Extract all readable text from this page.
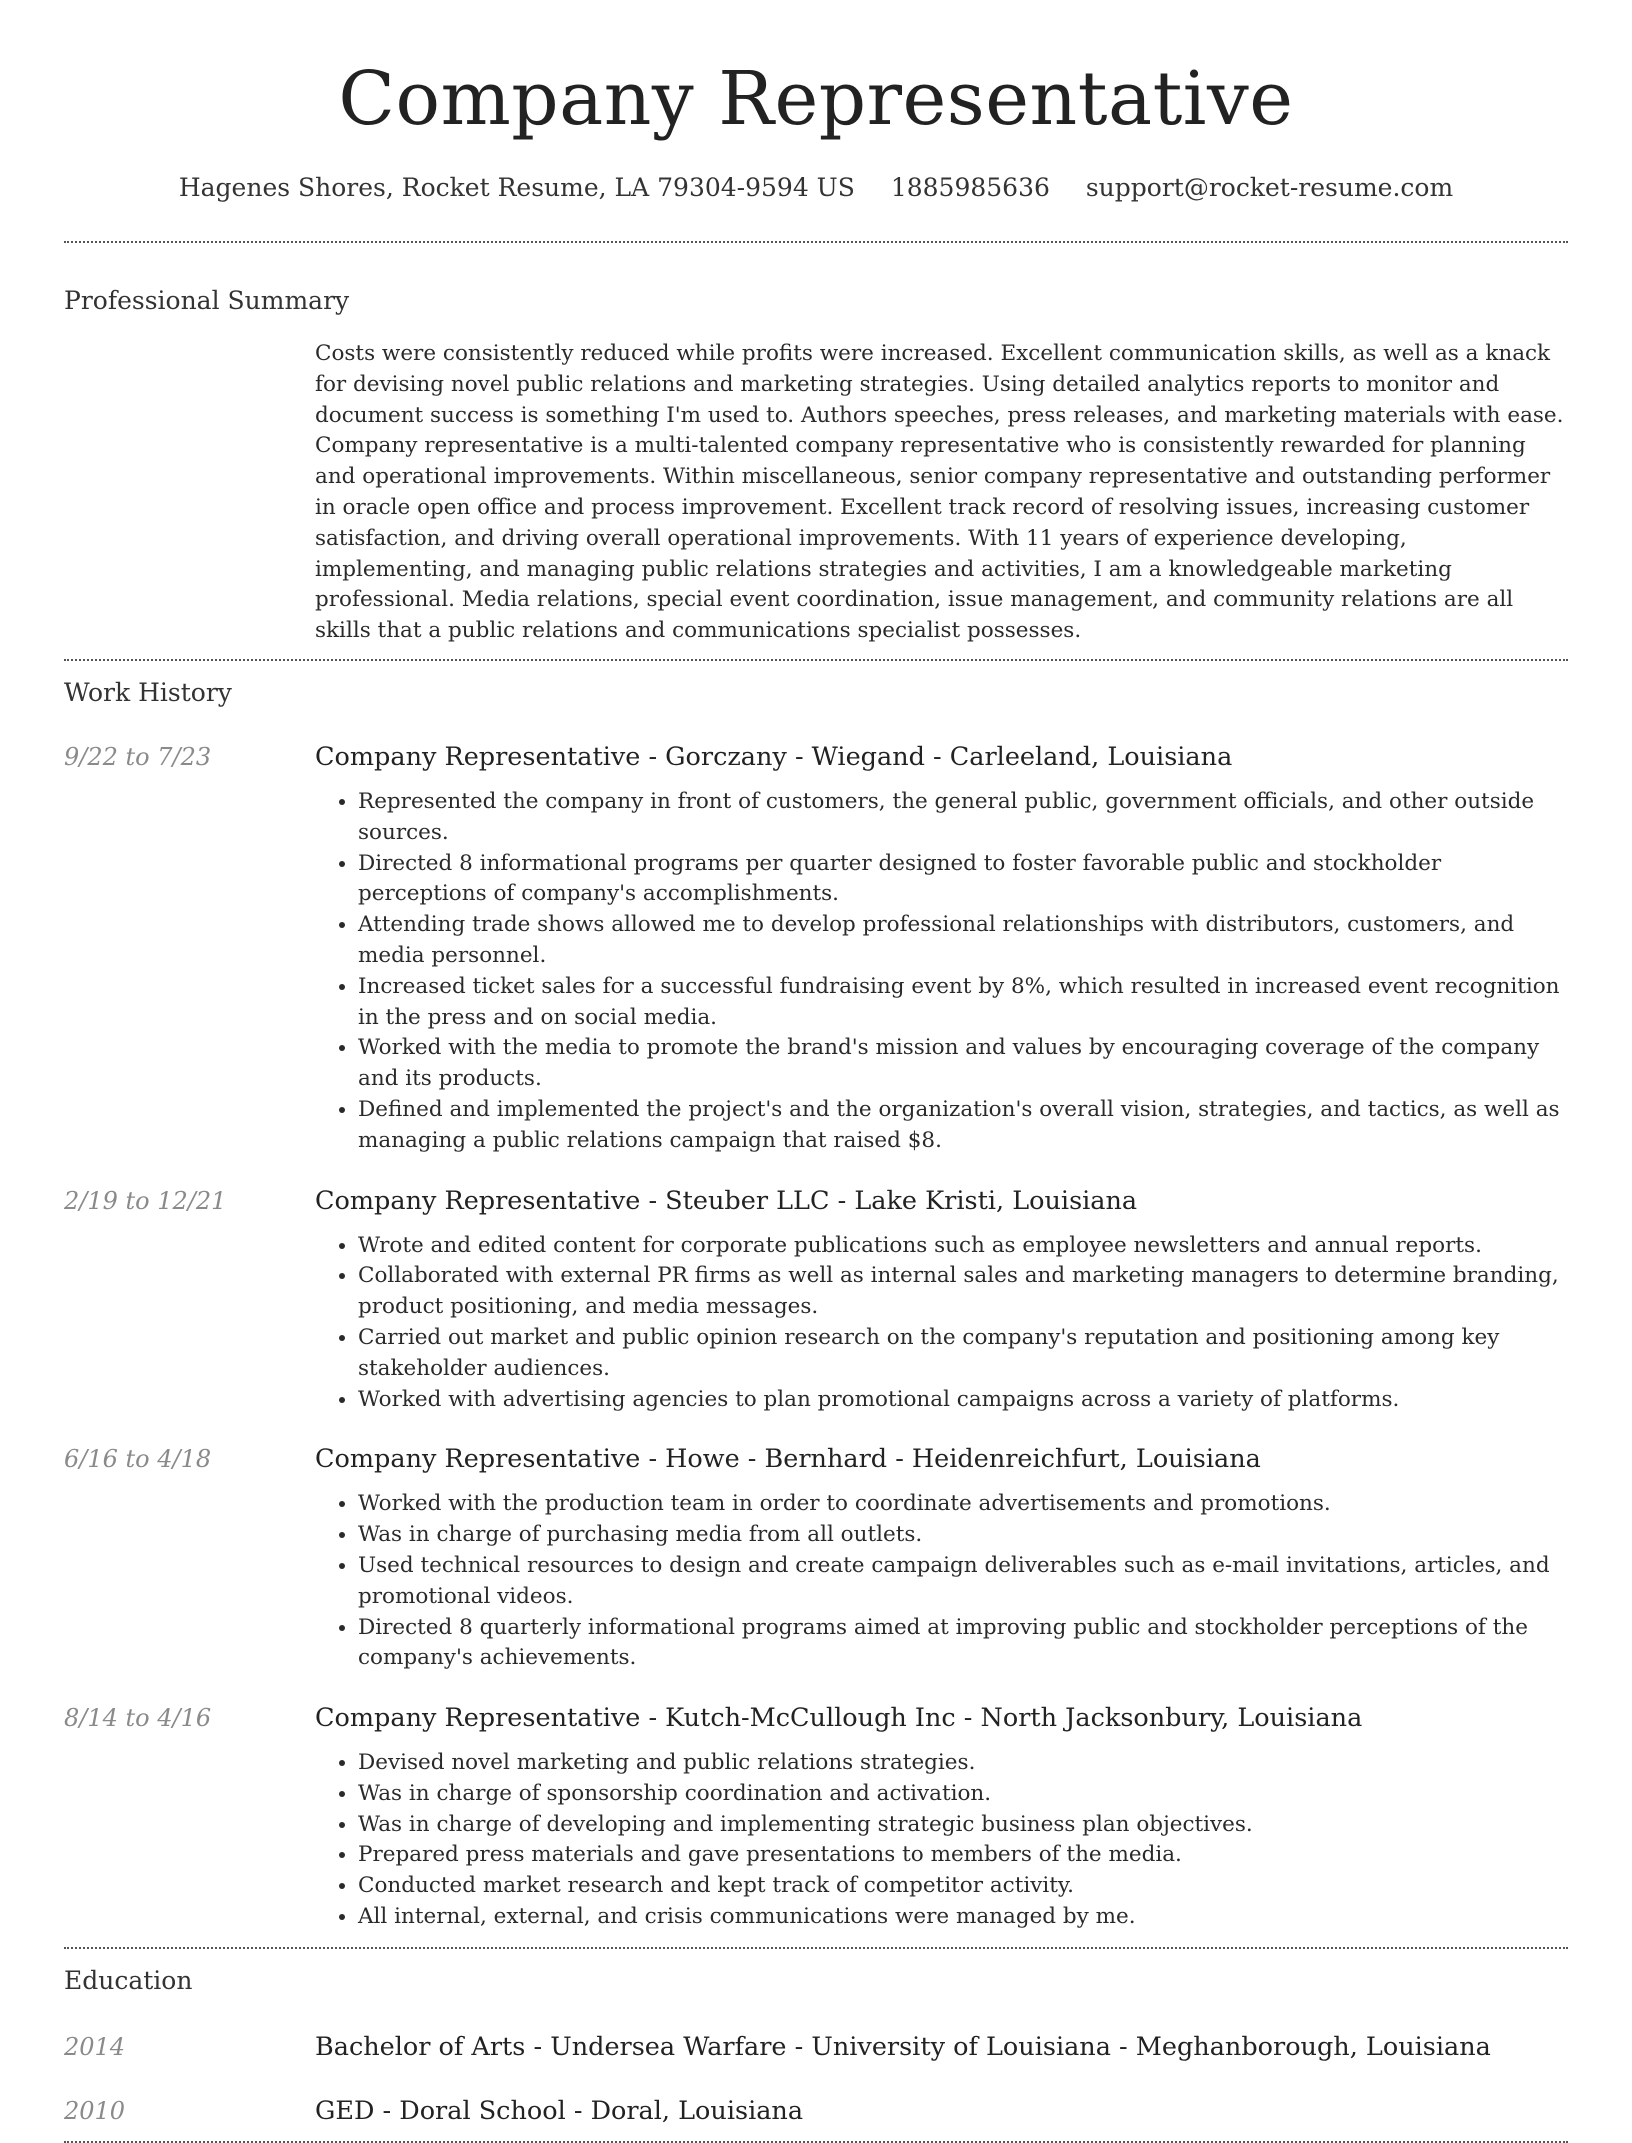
Company Representative
Hagenes Shores, Rocket Resume, LA 79304-9594 US 1885985636 support@rocket-resume.com
Professional Summary
Costs were consistently reduced while profits were increased. Excellent communication skills, as well as a knack for devising novel public relations and marketing strategies. Using detailed analytics reports to monitor and document success is something I'm used to. Authors speeches, press releases, and marketing materials with ease. Company representative is a multi-talented company representative who is consistently rewarded for planning and operational improvements. Within miscellaneous, senior company representative and outstanding performer in oracle open office and process improvement. Excellent track record of resolving issues, increasing customer satisfaction, and driving overall operational improvements. With 11 years of experience developing, implementing, and managing public relations strategies and activities, I am a knowledgeable marketing professional. Media relations, special event coordination, issue management, and community relations are all skills that a public relations and communications specialist possesses.
Work History
9/22 to 7/23	Company Representative - Gorczany - Wiegand - Carleeland, Louisiana
• Represented the company in front of customers, the general public, government officials, and other outside sources.
• Directed 8 informational programs per quarter designed to foster favorable public and stockholder perceptions of company's accomplishments.
• Attending trade shows allowed me to develop professional relationships with distributors, customers, and media personnel.
• Increased ticket sales for a successful fundraising event by 8%, which resulted in increased event recognition in the press and on social media.
• Worked with the media to promote the brand's mission and values by encouraging coverage of the company and its products.
• Defined and implemented the project's and the organization's overall vision, strategies, and tactics, as well as managing a public relations campaign that raised $8.
2/19 to 12/21	Company Representative - Steuber LLC - Lake Kristi, Louisiana
• Wrote and edited content for corporate publications such as employee newsletters and annual reports.
• Collaborated with external PR firms as well as internal sales and marketing managers to determine branding, product positioning, and media messages.
• Carried out market and public opinion research on the company's reputation and positioning among key stakeholder audiences.
• Worked with advertising agencies to plan promotional campaigns across a variety of platforms.
6/16 to 4/18	Company Representative - Howe - Bernhard - Heidenreichfurt, Louisiana
• Worked with the production team in order to coordinate advertisements and promotions.
• Was in charge of purchasing media from all outlets.
• Used technical resources to design and create campaign deliverables such as e-mail invitations, articles, and promotional videos.
• Directed 8 quarterly informational programs aimed at improving public and stockholder perceptions of the company's achievements.
8/14 to 4/16	Company Representative - Kutch-McCullough Inc - North Jacksonbury, Louisiana
• Devised novel marketing and public relations strategies.
• Was in charge of sponsorship coordination and activation.
• Was in charge of developing and implementing strategic business plan objectives.
• Prepared press materials and gave presentations to members of the media.
• Conducted market research and kept track of competitor activity.
• All internal, external, and crisis communications were managed by me.
Education
2014	Bachelor of Arts - Undersea Warfare - University of Louisiana - Meghanborough, Louisiana
2010	GED - Doral School - Doral, Louisiana
